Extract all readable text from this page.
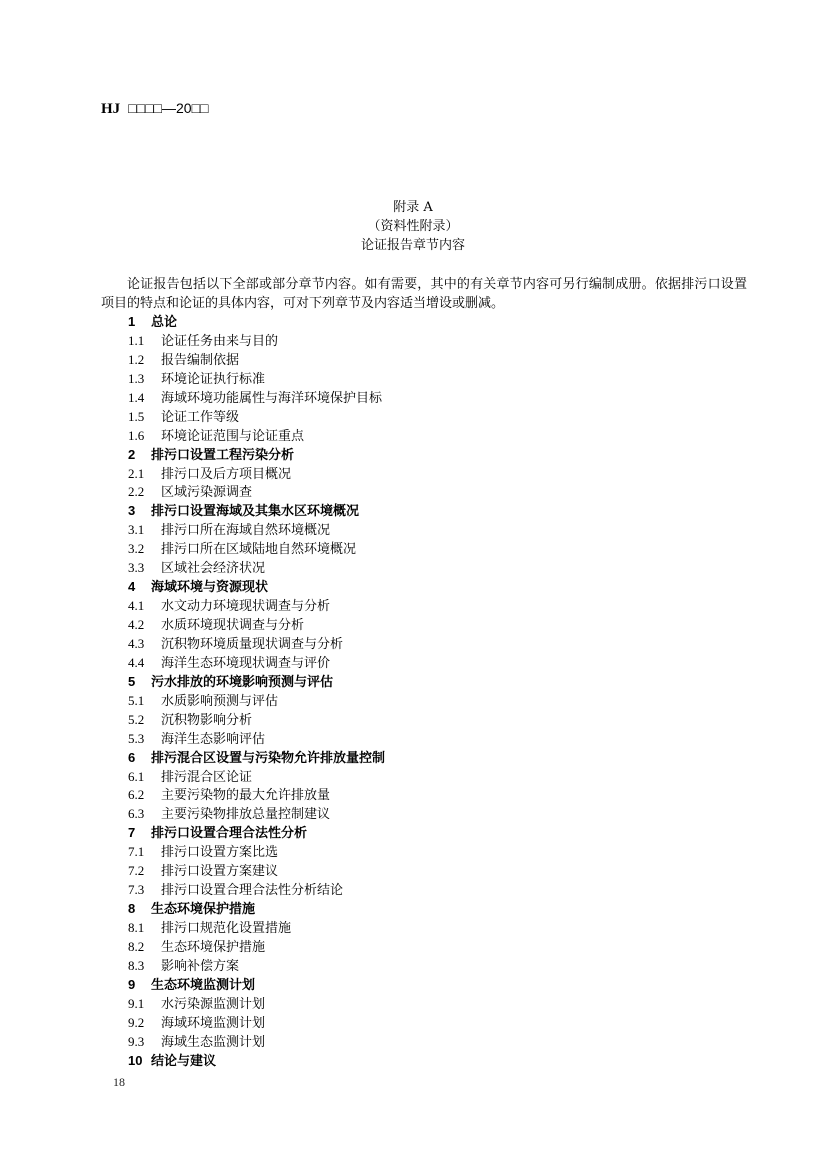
HJ □□□□—20□□
附录 A
（资料性附录）
论证报告章节内容
论证报告包括以下全部或部分章节内容。如有需要，其中的有关章节内容可另行编制成册。依据排污口设置项目的特点和论证的具体内容，可对下列章节及内容适当增设或删减。
1 总论
1.1 论证任务由来与目的
1.2 报告编制依据
1.3 环境论证执行标准
1.4 海域环境功能属性与海洋环境保护目标
1.5 论证工作等级
1.6 环境论证范围与论证重点
2 排污口设置工程污染分析
2.1 排污口及后方项目概况
2.2 区域污染源调查
3 排污口设置海域及其集水区环境概况
3.1 排污口所在海域自然环境概况
3.2 排污口所在区域陆地自然环境概况
3.3 区域社会经济状况
4 海域环境与资源现状
4.1 水文动力环境现状调查与分析
4.2 水质环境现状调查与分析
4.3 沉积物环境质量现状调查与分析
4.4 海洋生态环境现状调查与评价
5 污水排放的环境影响预测与评估
5.1 水质影响预测与评估
5.2 沉积物影响分析
5.3 海洋生态影响评估
6 排污混合区设置与污染物允许排放量控制
6.1 排污混合区论证
6.2 主要污染物的最大允许排放量
6.3 主要污染物排放总量控制建议
7 排污口设置合理合法性分析
7.1 排污口设置方案比选
7.2 排污口设置方案建议
7.3 排污口设置合理合法性分析结论
8 生态环境保护措施
8.1 排污口规范化设置措施
8.2 生态环境保护措施
8.3 影响补偿方案
9 生态环境监测计划
9.1 水污染源监测计划
9.2 海域环境监测计划
9.3 海域生态监测计划
10 结论与建议
18
